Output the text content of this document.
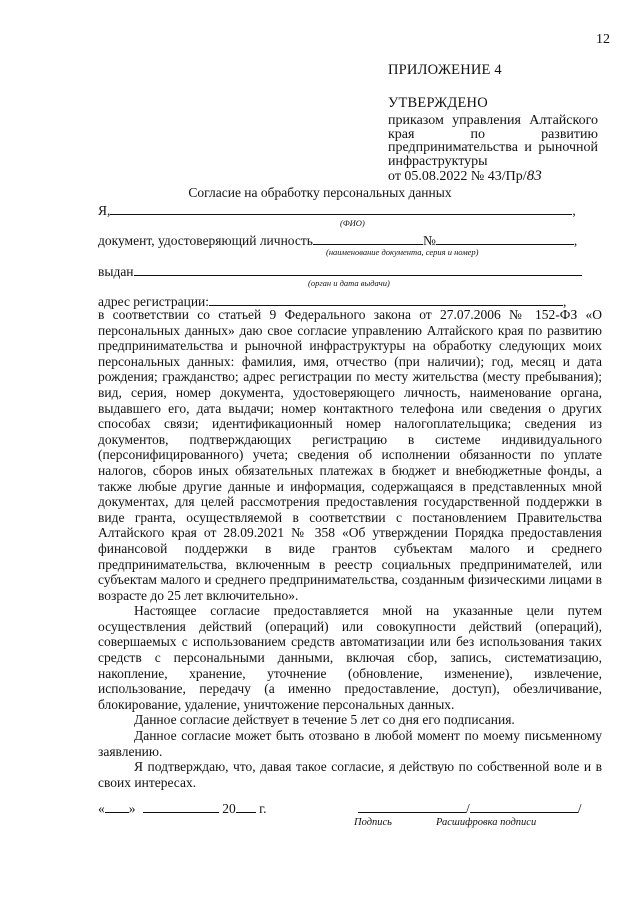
12
ПРИЛОЖЕНИЕ 4
УТВЕРЖДЕНО
приказом управления Алтайского края по развитию предпринимательства и рыночной инфраструктуры
от 05.08.2022 № 43/Пр/83
Согласие на обработку персональных данных
Я,	,
(ФИО)
документ, удостоверяющий личность	№	,
(наименование документа, серия и номер)
выдан
(орган и дата выдачи)
адрес регистрации:	,

в соответствии со статьей 9 Федерального закона от 27.07.2006 № 152-ФЗ «О персональных данных» даю свое согласие управлению Алтайского края по развитию предпринимательства и рыночной инфраструктуры на обработку следующих моих персональных данных: фамилия, имя, отчество (при наличии); год, месяц и дата рождения; гражданство; адрес регистрации по месту жительства (месту пребывания); вид, серия, номер документа, удостоверяющего личность, наименование органа, выдавшего его, дата выдачи; номер контактного телефона или сведения о других способах связи; идентификационный номер налогоплательщика; сведения из документов, подтверждающих регистрацию в системе индивидуального (персонифицированного) учета; сведения об исполнении обязанности по уплате налогов, сборов иных обязательных платежах в бюджет и внебюджетные фонды, а также любые другие данные и информация, содержащаяся в представленных мной документах, для целей рассмотрения предоставления государственной поддержки в виде гранта, осуществляемой в соответствии с постановлением Правительства Алтайского края от 28.09.2021 № 358 «Об утверждении Порядка предоставления финансовой поддержки в виде грантов субъектам малого и среднего предпринимательства, включенным в реестр социальных предпринимателей, или субъектам малого и среднего предпринимательства, созданным физическими лицами в возрасте до 25 лет включительно».

Настоящее согласие предоставляется мной на указанные цели путем осуществления действий (операций) или совокупности действий (операций), совершаемых с использованием средств автоматизации или без использования таких средств с персональными данными, включая сбор, запись, систематизацию, накопление, хранение, уточнение (обновление, изменение), извлечение, использование, передачу (а именно предоставление, доступ), обезличивание, блокирование, удаление, уничтожение персональных данных.

Данное согласие действует в течение 5 лет со дня его подписания.

Данное согласие может быть отозвано в любой момент по моему письменному заявлению.

Я подтверждаю, что, давая такое согласие, я действую по собственной воле и в своих интересах.

« »	20 г.	/	/
Подпись	Расшифровка подписи
